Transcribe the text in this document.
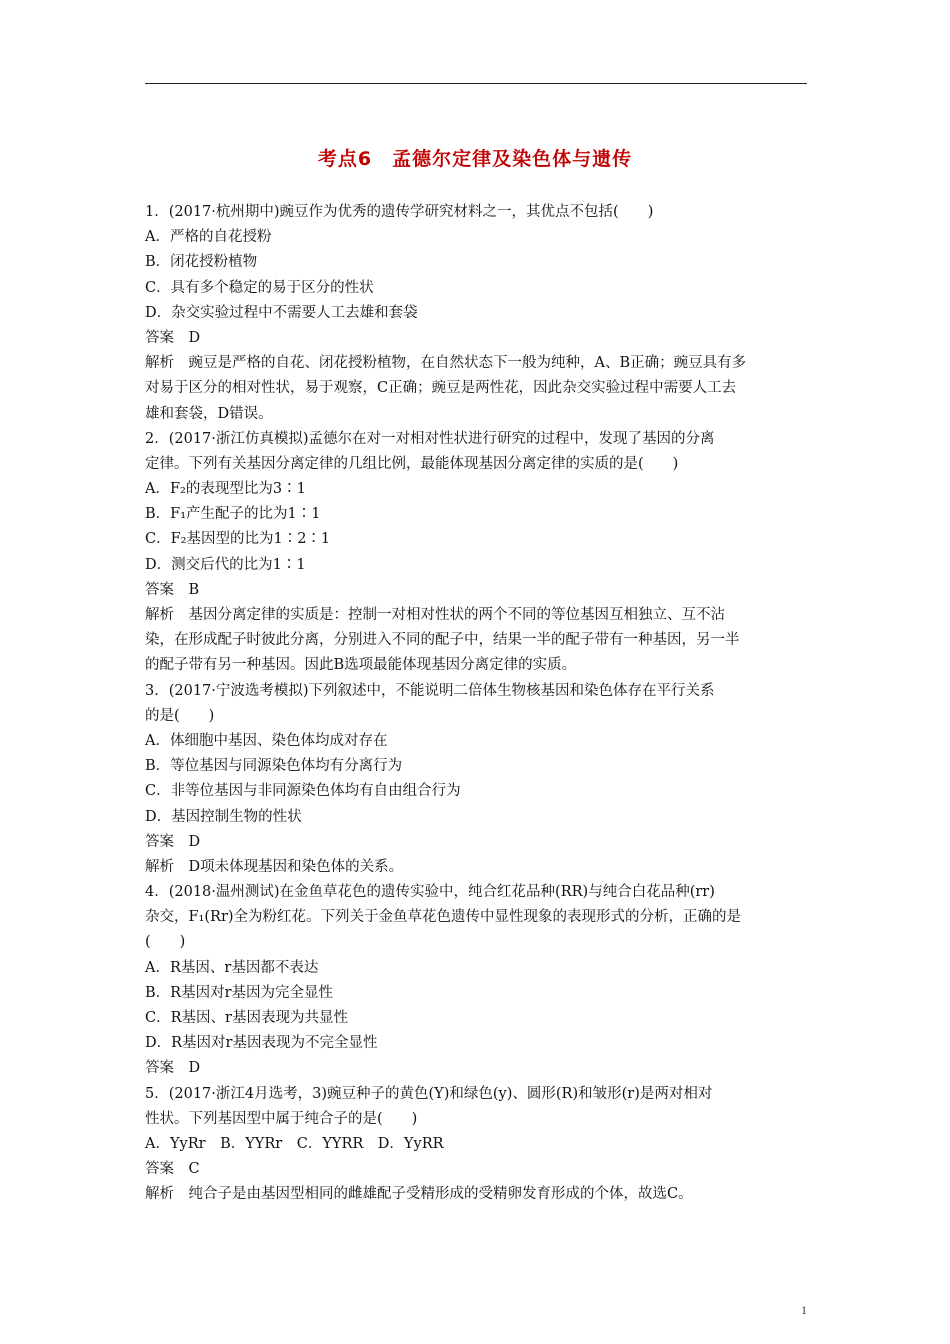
考点6　孟德尔定律及染色体与遗传
1．(2017·杭州期中)豌豆作为优秀的遗传学研究材料之一，其优点不包括(　　)
A．严格的自花授粉
B．闭花授粉植物
C．具有多个稳定的易于区分的性状
D．杂交实验过程中不需要人工去雄和套袋
答案　D
解析　豌豆是严格的自花、闭花授粉植物，在自然状态下一般为纯种，A、B正确；豌豆具有多
对易于区分的相对性状，易于观察，C正确；豌豆是两性花，因此杂交实验过程中需要人工去
雄和套袋，D错误。
2．(2017·浙江仿真模拟)孟德尔在对一对相对性状进行研究的过程中，发现了基因的分离
定律。下列有关基因分离定律的几组比例，最能体现基因分离定律的实质的是(　　)
A．F₂的表现型比为3∶1
B．F₁产生配子的比为1∶1
C．F₂基因型的比为1∶2∶1
D．测交后代的比为1∶1
答案　B
解析　基因分离定律的实质是：控制一对相对性状的两个不同的等位基因互相独立、互不沾
染，在形成配子时彼此分离，分别进入不同的配子中，结果一半的配子带有一种基因，另一半
的配子带有另一种基因。因此B选项最能体现基因分离定律的实质。
3．(2017·宁波选考模拟)下列叙述中，不能说明二倍体生物核基因和染色体存在平行关系
的是(　　)
A．体细胞中基因、染色体均成对存在
B．等位基因与同源染色体均有分离行为
C．非等位基因与非同源染色体均有自由组合行为
D．基因控制生物的性状
答案　D
解析　D项未体现基因和染色体的关系。
4．(2018·温州测试)在金鱼草花色的遗传实验中，纯合红花品种(RR)与纯合白花品种(rr)
杂交，F₁(Rr)全为粉红花。下列关于金鱼草花色遗传中显性现象的表现形式的分析，正确的是
(　　)
A．R基因、r基因都不表达
B．R基因对r基因为完全显性
C．R基因、r基因表现为共显性
D．R基因对r基因表现为不完全显性
答案　D
5．(2017·浙江4月选考，3)豌豆种子的黄色(Y)和绿色(y)、圆形(R)和皱形(r)是两对相对
性状。下列基因型中属于纯合子的是(　　)
A．YyRr　B．YYRr　C．YYRR　D．YyRR
答案　C
解析　纯合子是由基因型相同的雌雄配子受精形成的受精卵发育形成的个体，故选C。
1
